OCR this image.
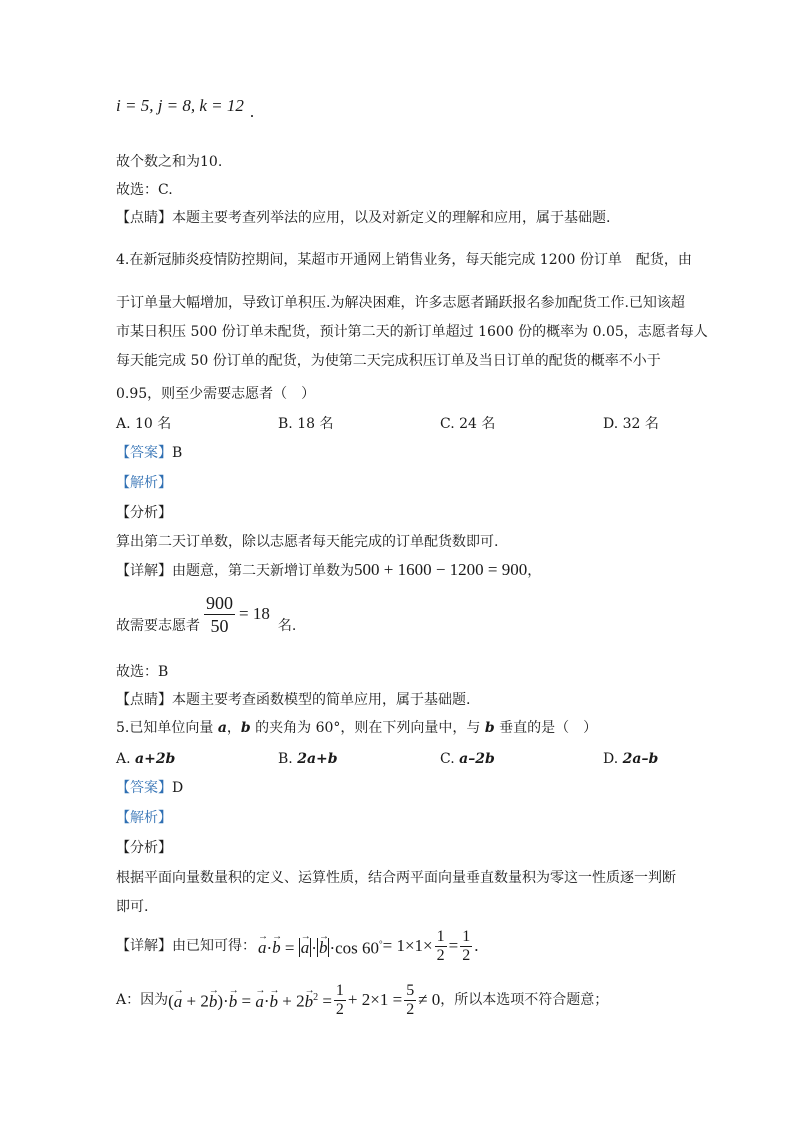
i = 5, j = 8, k = 12 .
故个数之和为10.
故选：C.
【点睛】本题主要考查列举法的应用，以及对新定义的理解和应用，属于基础题.
4.在新冠肺炎疫情防控期间，某超市开通网上销售业务，每天能完成 1200 份订单　配货，由
于订单量大幅增加，导致订单积压.为解决困难，许多志愿者踊跃报名参加配货工作.已知该超
市某日积压 500 份订单未配货，预计第二天的新订单超过 1600 份的概率为 0.05，志愿者每人
每天能完成 50 份订单的配货，为使第二天完成积压订单及当日订单的配货的概率不小于
0.95，则至少需要志愿者（　）
A. 10 名	B. 18 名	C. 24 名	D. 32 名
【答案】B
【解析】
【分析】
算出第二天订单数，除以志愿者每天能完成的订单配货数即可.
【详解】由题意，第二天新增订单数为500 + 1600 − 1200 = 900，
故需要志愿者 $\frac{900}{50} = 18$
名.
故选：B
【点睛】本题主要考查函数模型的简单应用，属于基础题.
5.已知单位向量 a，b 的夹角为 60°，则在下列向量中，与 b 垂直的是（　）
A. a+2b	B. 2a+b	C. a–2b	D. 2a–b
【答案】D
【解析】
【分析】
根据平面向量数量积的定义、运算性质，结合两平面向量垂直数量积为零这一性质逐一判断
即可.
【详解】 由已知可得： → a·→ b = → a · → b ·cos $60^\circ = 1\times 1\times \frac{1}{2} = \frac{1}{2}$ .
A：因为 (→ a + 2→ b)·→ b = → $a\cdot\to b + 2\to b^2 = \frac{1}{2} + 2\times 1 = \frac{5}{2} \ne 0$ ，所以本选项不符合题意；
